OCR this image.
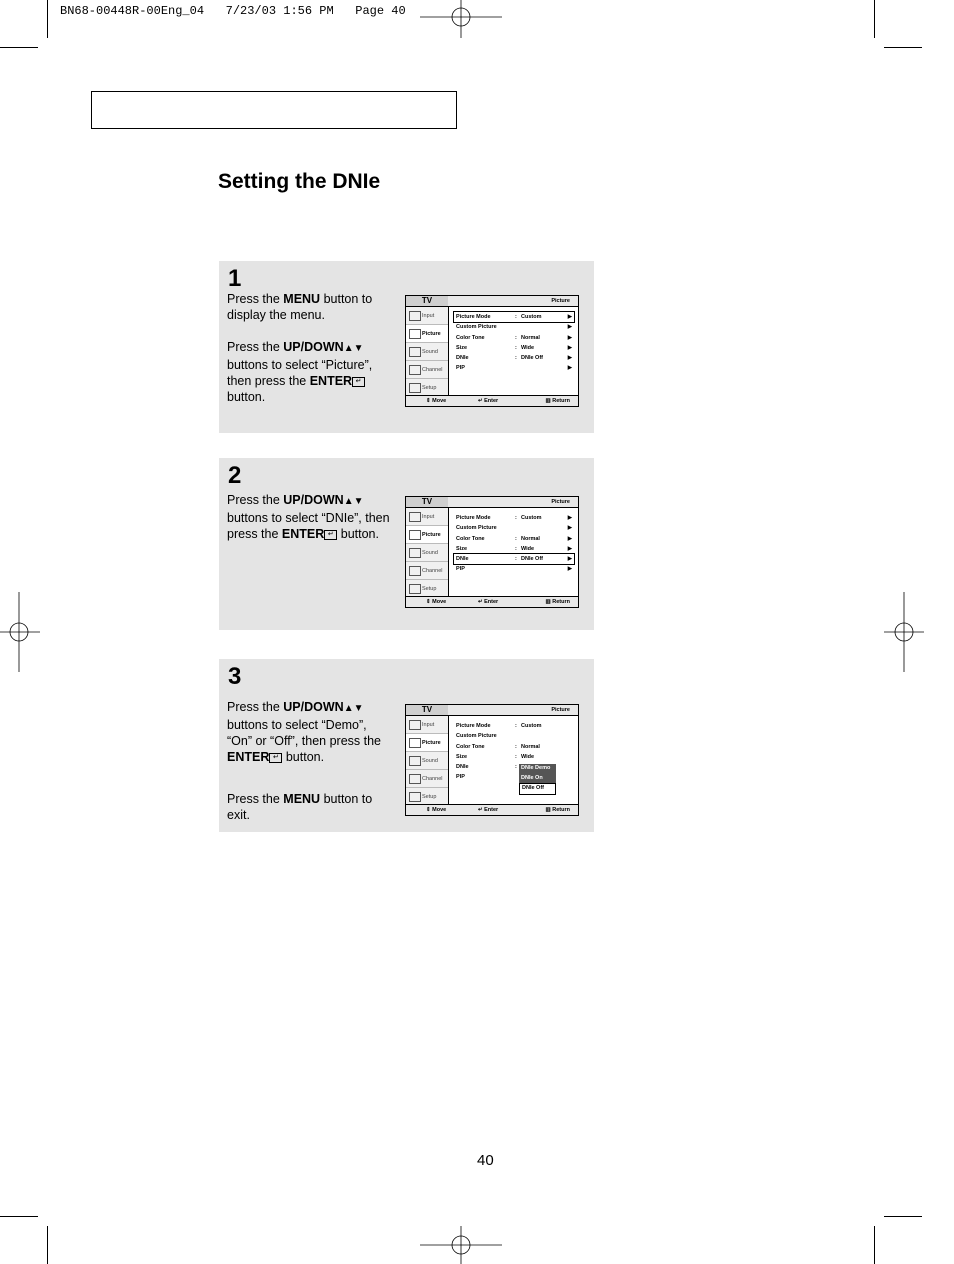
BN68-00448R-00Eng_04   7/23/03 1:56 PM   Page 40
Setting the DNIe
1

Press the MENU button to display the menu.

Press the UP/DOWN▲▼ buttons to select “Picture”, then press the ENTER ↵ button.

TV	Picture
Input
Picture
Sound
Channel
Setup
Picture Mode	: Custom	▶
Custom Picture	▶
Color Tone	: Normal	▶
Size	: Wide	▶
DNIe	: DNIe Off	▶
PIP	▶
⇕ Move	↵ Enter	▥ Return
2

Press the UP/DOWN▲▼ buttons to select “DNIe”, then press the ENTER ↵ button.

TV	Picture
Input
Picture
Sound
Channel
Setup
Picture Mode	: Custom	▶
Custom Picture	▶
Color Tone	: Normal	▶
Size	: Wide	▶
DNIe	: DNIe Off	▶
PIP	▶
⇕ Move	↵ Enter	▥ Return
3

Press the UP/DOWN▲▼ buttons to select “Demo”, “On” or “Off”, then press the ENTER ↵ button.

Press the MENU button to exit.

TV	Picture
Input
Picture
Sound
Channel
Setup
Picture Mode	: Custom
Custom Picture
Color Tone	: Normal
Size	: Wide
DNIe	:
PIP
DNIe Demo
DNIe On
DNIe Off
⇕ Move	↵ Enter	▥ Return
40
